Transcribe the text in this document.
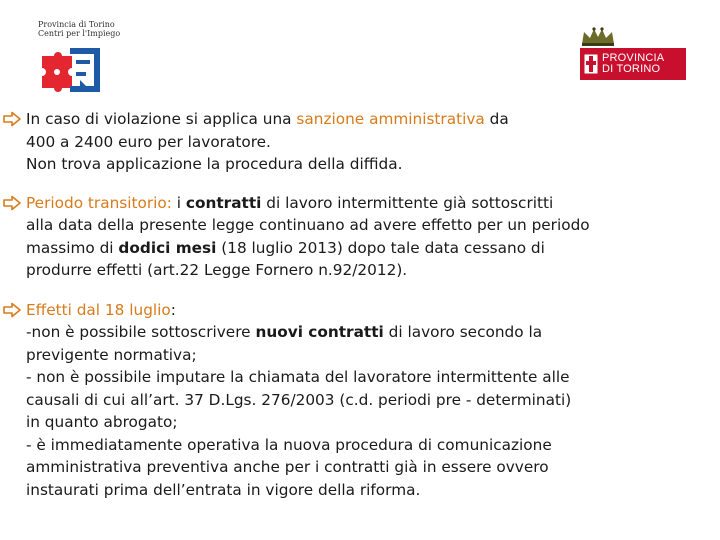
Provincia di Torino
Centri per l'Impiego

PROVINCIA
DI TORINO
In caso di violazione si applica una sanzione amministrativa da
400 a 2400 euro per lavoratore.
Non trova applicazione la procedura della diffida.
Periodo transitorio: i contratti di lavoro intermittente già sottoscritti
alla data della presente legge continuano ad avere effetto per un periodo
massimo di dodici mesi (18 luglio 2013) dopo tale data cessano di
produrre effetti (art.22 Legge Fornero n.92/2012).
Effetti dal 18 luglio:
-non è possibile sottoscrivere nuovi contratti di lavoro secondo la
previgente normativa;
- non è possibile imputare la chiamata del lavoratore intermittente alle
causali di cui all’art. 37 D.Lgs. 276/2003 (c.d. periodi pre - determinati)
in quanto abrogato;
- è immediatamente operativa la nuova procedura di comunicazione
amministrativa preventiva anche per i contratti già in essere ovvero
instaurati prima dell’entrata in vigore della riforma.
